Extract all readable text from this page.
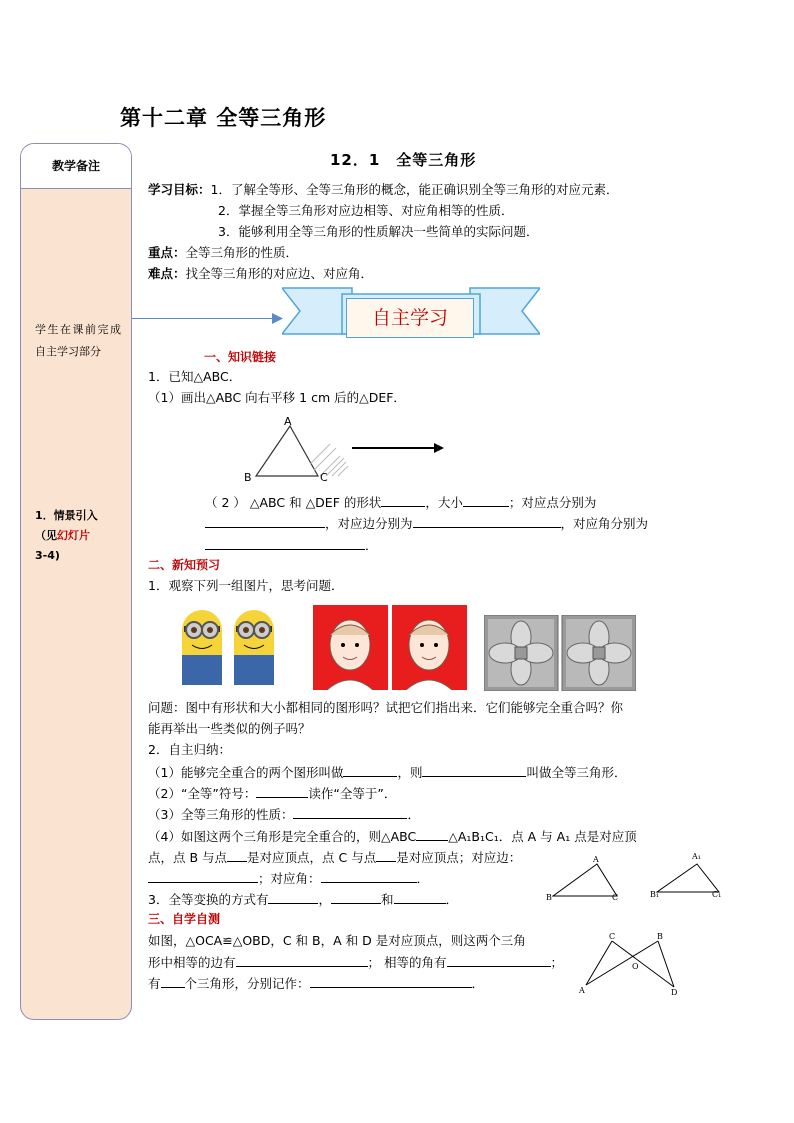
第十二章 全等三角形
教学备注
学生在课前完成自主学习部分
1．情景引入
（见幻灯片
3-4)
12．1　全等三角形
学习目标：1．了解全等形、全等三角形的概念，能正确识别全等三角形的对应元素．
2．掌握全等三角形对应边相等、对应角相等的性质．
3．能够利用全等三角形的性质解决一些简单的实际问题．
重点：全等三角形的性质．
难点：找全等三角形的对应边、对应角．
自主学习
一、知识链接
1．已知△ABC．
（1）画出△ABC 向右平移 1 cm 后的△DEF．
A
B	C
（ 2 ） △ABC 和 △DEF 的形状	，大小	；对应点分别为
，对应边分别为	，对应角分别为
．
二、新知预习
1．观察下列一组图片，思考问题．
问题：图中有形状和大小都相同的图形吗？试把它们指出来．它们能够完全重合吗？你
能再举出一些类似的例子吗？
2．自主归纳：
（1）能够完全重合的两个图形叫做	，则	叫做全等三角形．
（2）“全等”符号：	读作“全等于”．
（3）全等三角形的性质：	．
（4）如图这两个三角形是完全重合的，则△ABC	△A₁B₁C₁．点 A 与 A₁ 点是对应顶
点，点 B 与点 是对应顶点，点 C 与点 是对应顶点；对应边：
；对应角：	．
3．全等变换的方式有	，	和	．
A
B	C
A₁
B₁	C₁
三、自学自测
如图，△OCA≌△OBD，C 和 B，A 和 D 是对应顶点，则这两个三角
形中相等的边有	； 相等的角有	；
有 个三角形，分别记作：	．
C	B
O
A	D
